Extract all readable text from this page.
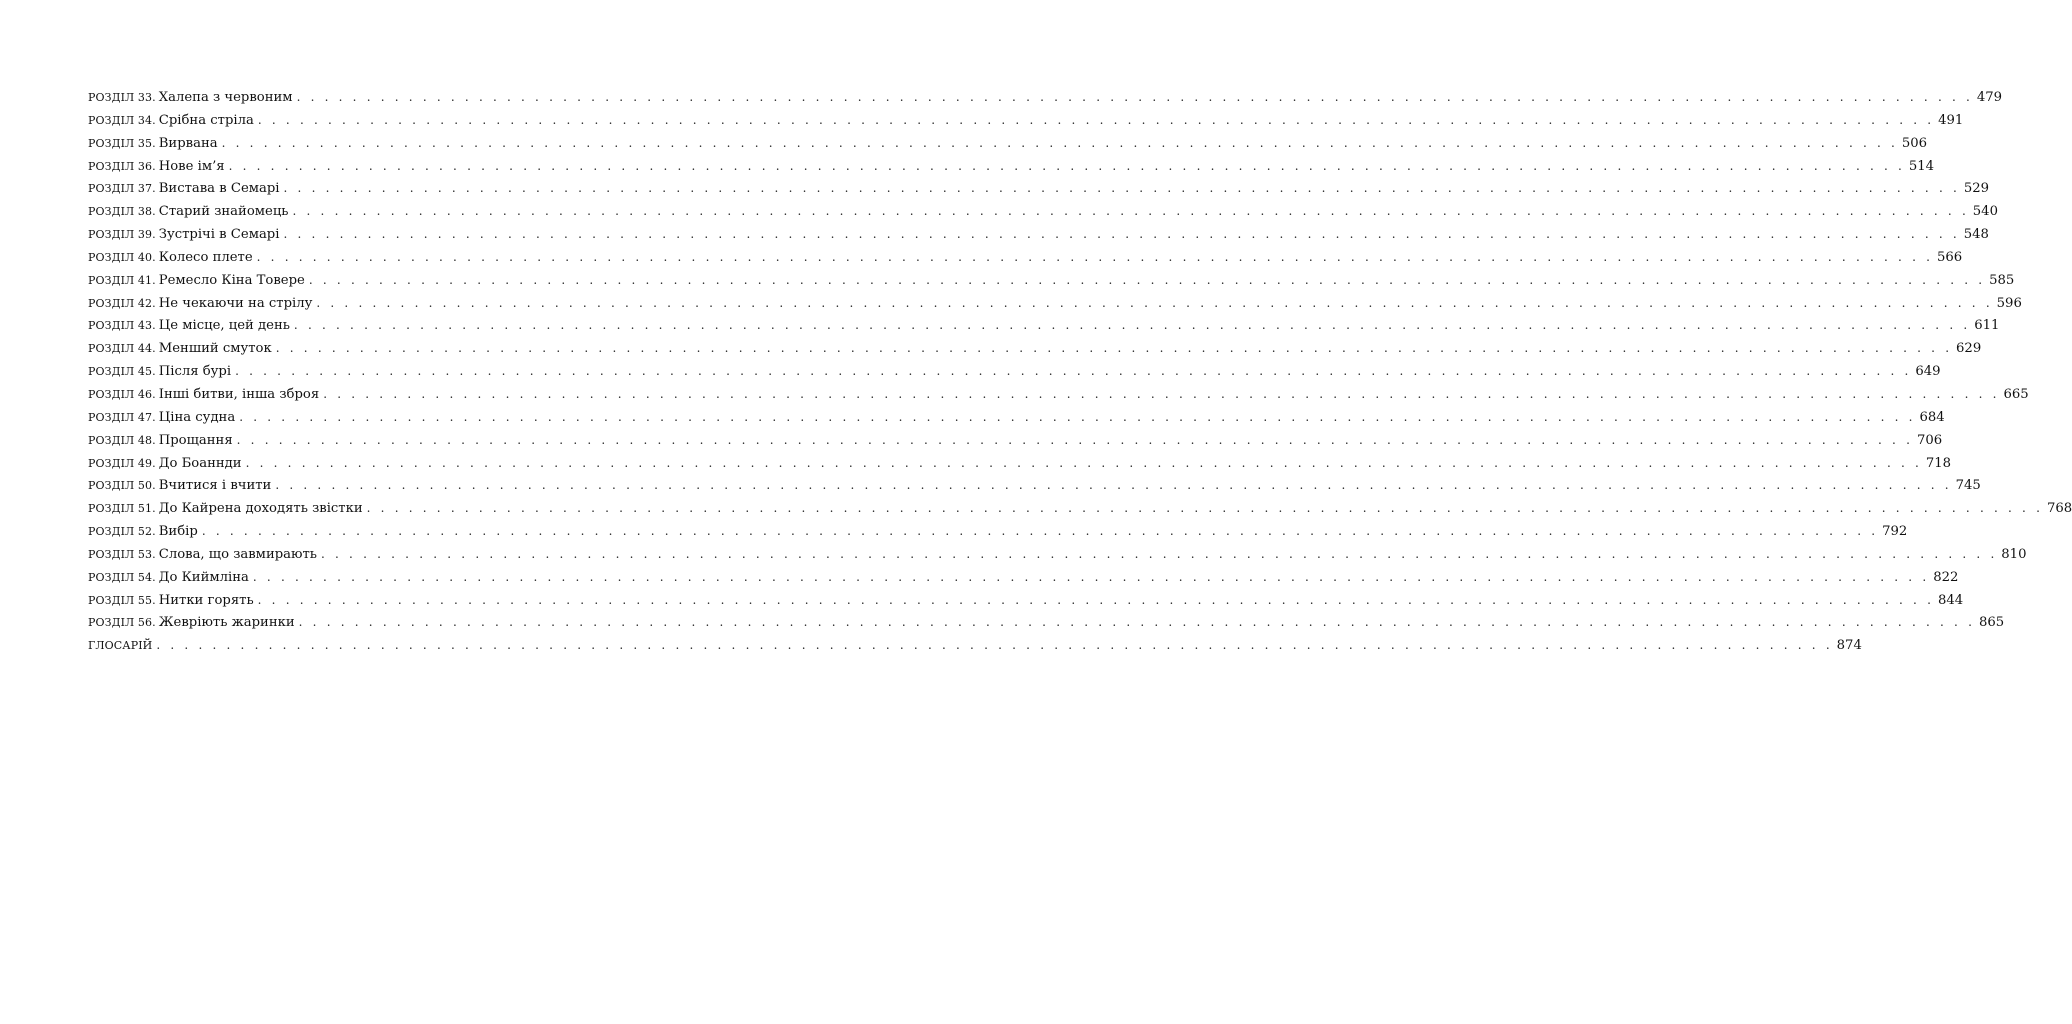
РОЗДІЛ 33. Халепа з червоним . . . . . . . . . . . . . . . . . . . . . . . . . . . . . . . . . . . . . . . . . . . . . . . . . . . . . . . . . . . . . . . . . . . . . . . . . . . . . . . . . . . . . . . . . . . . . . . . . . . . . . . . . . . . . . . . . . . . . . . . 479
РОЗДІЛ 34. Срібна стріла . . . . . . . . . . . . . . . . . . . . . . . . . . . . . . . . . . . . . . . . . . . . . . . . . . . . . . . . . . . . . . . . . . . . . . . . . . . . . . . . . . . . . . . . . . . . . . . . . . . . . . . . . . . . . . . . . . . . . . . . 491
РОЗДІЛ 35. Вирвана . . . . . . . . . . . . . . . . . . . . . . . . . . . . . . . . . . . . . . . . . . . . . . . . . . . . . . . . . . . . . . . . . . . . . . . . . . . . . . . . . . . . . . . . . . . . . . . . . . . . . . . . . . . . . . . . . . . . . . . . 506
РОЗДІЛ 36. Нове ім’я . . . . . . . . . . . . . . . . . . . . . . . . . . . . . . . . . . . . . . . . . . . . . . . . . . . . . . . . . . . . . . . . . . . . . . . . . . . . . . . . . . . . . . . . . . . . . . . . . . . . . . . . . . . . . . . . . . . . . . . . 514
РОЗДІЛ 37. Вистава в Семарі . . . . . . . . . . . . . . . . . . . . . . . . . . . . . . . . . . . . . . . . . . . . . . . . . . . . . . . . . . . . . . . . . . . . . . . . . . . . . . . . . . . . . . . . . . . . . . . . . . . . . . . . . . . . . . . . . . . . . . . . 529
РОЗДІЛ 38. Старий знайомець . . . . . . . . . . . . . . . . . . . . . . . . . . . . . . . . . . . . . . . . . . . . . . . . . . . . . . . . . . . . . . . . . . . . . . . . . . . . . . . . . . . . . . . . . . . . . . . . . . . . . . . . . . . . . . . . . . . . . . . . 540
РОЗДІЛ 39. Зустрічі в Семарі . . . . . . . . . . . . . . . . . . . . . . . . . . . . . . . . . . . . . . . . . . . . . . . . . . . . . . . . . . . . . . . . . . . . . . . . . . . . . . . . . . . . . . . . . . . . . . . . . . . . . . . . . . . . . . . . . . . . . . . . 548
РОЗДІЛ 40. Колесо плете . . . . . . . . . . . . . . . . . . . . . . . . . . . . . . . . . . . . . . . . . . . . . . . . . . . . . . . . . . . . . . . . . . . . . . . . . . . . . . . . . . . . . . . . . . . . . . . . . . . . . . . . . . . . . . . . . . . . . . . . 566
РОЗДІЛ 41. Ремесло Кіна Товере . . . . . . . . . . . . . . . . . . . . . . . . . . . . . . . . . . . . . . . . . . . . . . . . . . . . . . . . . . . . . . . . . . . . . . . . . . . . . . . . . . . . . . . . . . . . . . . . . . . . . . . . . . . . . . . . . . . . . . . . 585
РОЗДІЛ 42. Не чекаючи на стрілу . . . . . . . . . . . . . . . . . . . . . . . . . . . . . . . . . . . . . . . . . . . . . . . . . . . . . . . . . . . . . . . . . . . . . . . . . . . . . . . . . . . . . . . . . . . . . . . . . . . . . . . . . . . . . . . . . . . . . . . . 596
РОЗДІЛ 43. Це місце, цей день . . . . . . . . . . . . . . . . . . . . . . . . . . . . . . . . . . . . . . . . . . . . . . . . . . . . . . . . . . . . . . . . . . . . . . . . . . . . . . . . . . . . . . . . . . . . . . . . . . . . . . . . . . . . . . . . . . . . . . . . 611
РОЗДІЛ 44. Менший смуток . . . . . . . . . . . . . . . . . . . . . . . . . . . . . . . . . . . . . . . . . . . . . . . . . . . . . . . . . . . . . . . . . . . . . . . . . . . . . . . . . . . . . . . . . . . . . . . . . . . . . . . . . . . . . . . . . . . . . . . . 629
РОЗДІЛ 45. Після бурі . . . . . . . . . . . . . . . . . . . . . . . . . . . . . . . . . . . . . . . . . . . . . . . . . . . . . . . . . . . . . . . . . . . . . . . . . . . . . . . . . . . . . . . . . . . . . . . . . . . . . . . . . . . . . . . . . . . . . . . . 649
РОЗДІЛ 46. Інші битви, інша зброя . . . . . . . . . . . . . . . . . . . . . . . . . . . . . . . . . . . . . . . . . . . . . . . . . . . . . . . . . . . . . . . . . . . . . . . . . . . . . . . . . . . . . . . . . . . . . . . . . . . . . . . . . . . . . . . . . . . . . . . . 665
РОЗДІЛ 47. Ціна судна . . . . . . . . . . . . . . . . . . . . . . . . . . . . . . . . . . . . . . . . . . . . . . . . . . . . . . . . . . . . . . . . . . . . . . . . . . . . . . . . . . . . . . . . . . . . . . . . . . . . . . . . . . . . . . . . . . . . . . . . 684
РОЗДІЛ 48. Прощання . . . . . . . . . . . . . . . . . . . . . . . . . . . . . . . . . . . . . . . . . . . . . . . . . . . . . . . . . . . . . . . . . . . . . . . . . . . . . . . . . . . . . . . . . . . . . . . . . . . . . . . . . . . . . . . . . . . . . . . . 706
РОЗДІЛ 49. До Боаннди . . . . . . . . . . . . . . . . . . . . . . . . . . . . . . . . . . . . . . . . . . . . . . . . . . . . . . . . . . . . . . . . . . . . . . . . . . . . . . . . . . . . . . . . . . . . . . . . . . . . . . . . . . . . . . . . . . . . . . . . 718
РОЗДІЛ 50. Вчитися і вчити . . . . . . . . . . . . . . . . . . . . . . . . . . . . . . . . . . . . . . . . . . . . . . . . . . . . . . . . . . . . . . . . . . . . . . . . . . . . . . . . . . . . . . . . . . . . . . . . . . . . . . . . . . . . . . . . . . . . . . . . 745
РОЗДІЛ 51. До Кайрена доходять звістки . . . . . . . . . . . . . . . . . . . . . . . . . . . . . . . . . . . . . . . . . . . . . . . . . . . . . . . . . . . . . . . . . . . . . . . . . . . . . . . . . . . . . . . . . . . . . . . . . . . . . . . . . . . . . . . . . . . . . . . . 768
РОЗДІЛ 52. Вибір . . . . . . . . . . . . . . . . . . . . . . . . . . . . . . . . . . . . . . . . . . . . . . . . . . . . . . . . . . . . . . . . . . . . . . . . . . . . . . . . . . . . . . . . . . . . . . . . . . . . . . . . . . . . . . . . . . . . . . . . 792
РОЗДІЛ 53. Слова, що завмирають . . . . . . . . . . . . . . . . . . . . . . . . . . . . . . . . . . . . . . . . . . . . . . . . . . . . . . . . . . . . . . . . . . . . . . . . . . . . . . . . . . . . . . . . . . . . . . . . . . . . . . . . . . . . . . . . . . . . . . . . 810
РОЗДІЛ 54. До Киймліна . . . . . . . . . . . . . . . . . . . . . . . . . . . . . . . . . . . . . . . . . . . . . . . . . . . . . . . . . . . . . . . . . . . . . . . . . . . . . . . . . . . . . . . . . . . . . . . . . . . . . . . . . . . . . . . . . . . . . . . . 822
РОЗДІЛ 55. Нитки горять . . . . . . . . . . . . . . . . . . . . . . . . . . . . . . . . . . . . . . . . . . . . . . . . . . . . . . . . . . . . . . . . . . . . . . . . . . . . . . . . . . . . . . . . . . . . . . . . . . . . . . . . . . . . . . . . . . . . . . . . 844
РОЗДІЛ 56. Жевріють жаринки . . . . . . . . . . . . . . . . . . . . . . . . . . . . . . . . . . . . . . . . . . . . . . . . . . . . . . . . . . . . . . . . . . . . . . . . . . . . . . . . . . . . . . . . . . . . . . . . . . . . . . . . . . . . . . . . . . . . . . . . 865
ГЛОСАРІЙ . . . . . . . . . . . . . . . . . . . . . . . . . . . . . . . . . . . . . . . . . . . . . . . . . . . . . . . . . . . . . . . . . . . . . . . . . . . . . . . . . . . . . . . . . . . . . . . . . . . . . . . . . . . . . . . . . . . . . . . . 874
